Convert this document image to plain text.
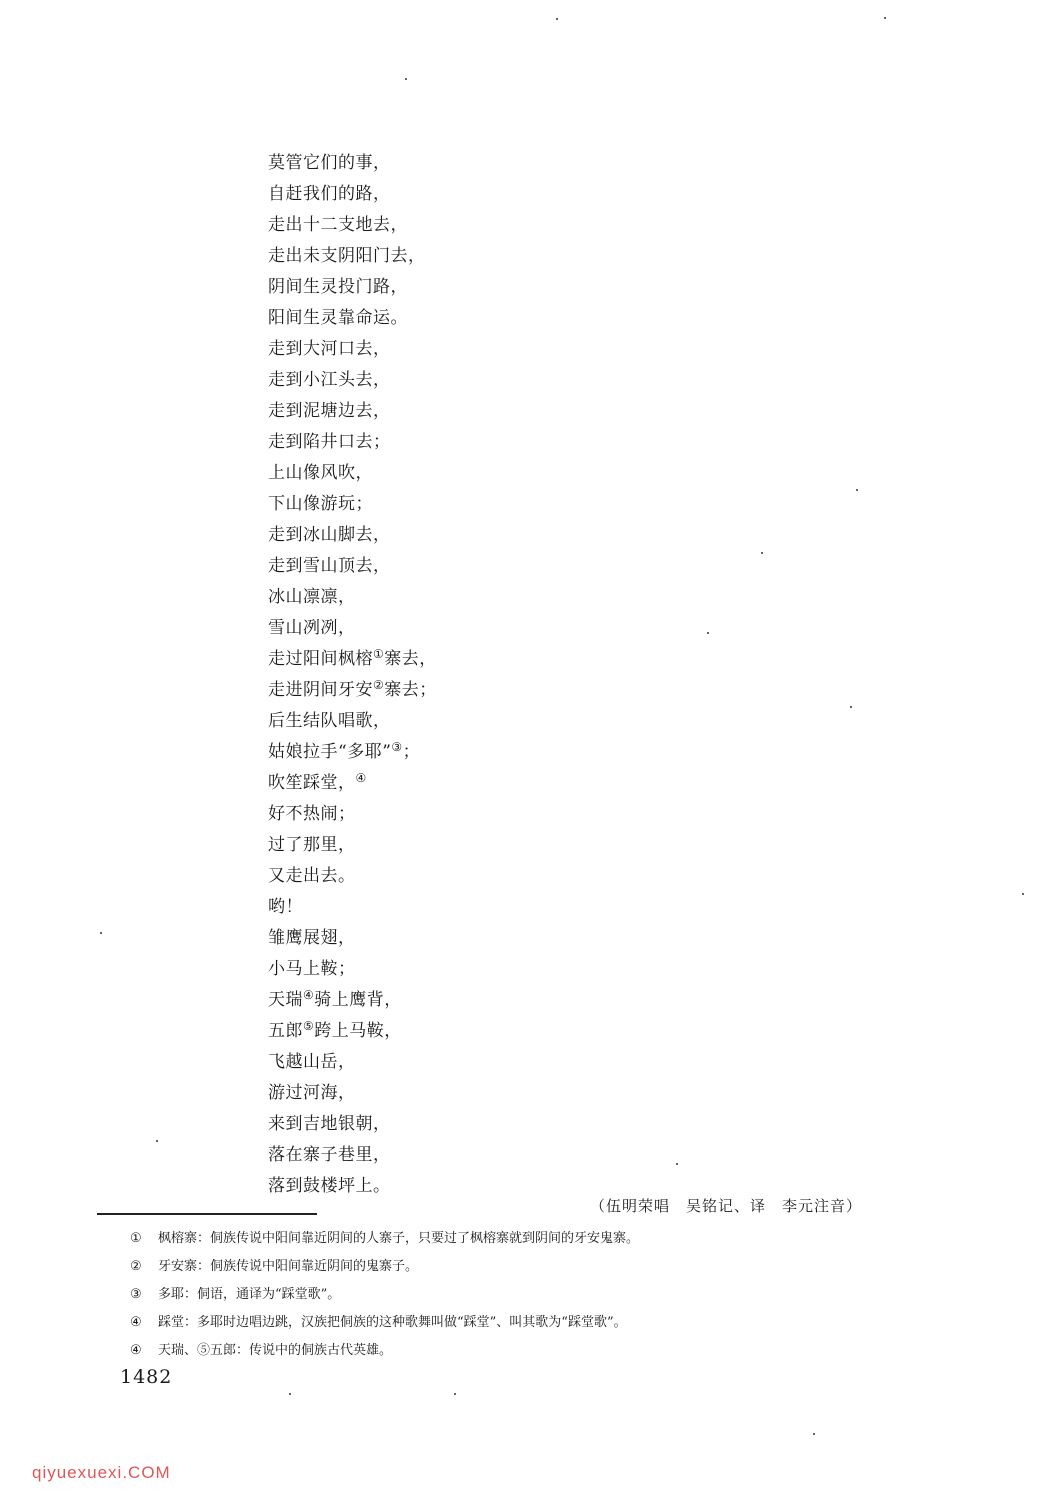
莫管它们的事，
自赶我们的路，
走出十二支地去，
走出未支阴阳门去，
阴间生灵投门路，
阳间生灵靠命运。
走到大河口去，
走到小江头去，
走到泥塘边去，
走到陷井口去；
上山像风吹，
下山像游玩；
走到冰山脚去，
走到雪山顶去，
冰山凛凛，
雪山冽冽，
走过阳间枫榕①寨去，
走进阴间牙安②寨去；
后生结队唱歌，
姑娘拉手“多耶”③；
吹笙踩堂，④
好不热闹；
过了那里，
又走出去。
哟！
雏鹰展翅，
小马上鞍；
天瑞④骑上鹰背，
五郎⑤跨上马鞍，
飞越山岳，
游过河海，
来到吉地银朝，
落在寨子巷里，
落到鼓楼坪上。
（伍明荣唱　吴铭记、译　李元注音）
① 枫榕寨：侗族传说中阳间靠近阴间的人寨子，只要过了枫榕寨就到阴间的牙安鬼寨。
② 牙安寨：侗族传说中阳间靠近阴间的鬼寨子。
③ 多耶：侗语，通译为“踩堂歌”。
④ 踩堂：多耶时边唱边跳，汉族把侗族的这种歌舞叫做“踩堂”、叫其歌为“踩堂歌”。
④ 天瑞、⑤五郎：传说中的侗族古代英雄。
1482
qiyuexuexi.COM
